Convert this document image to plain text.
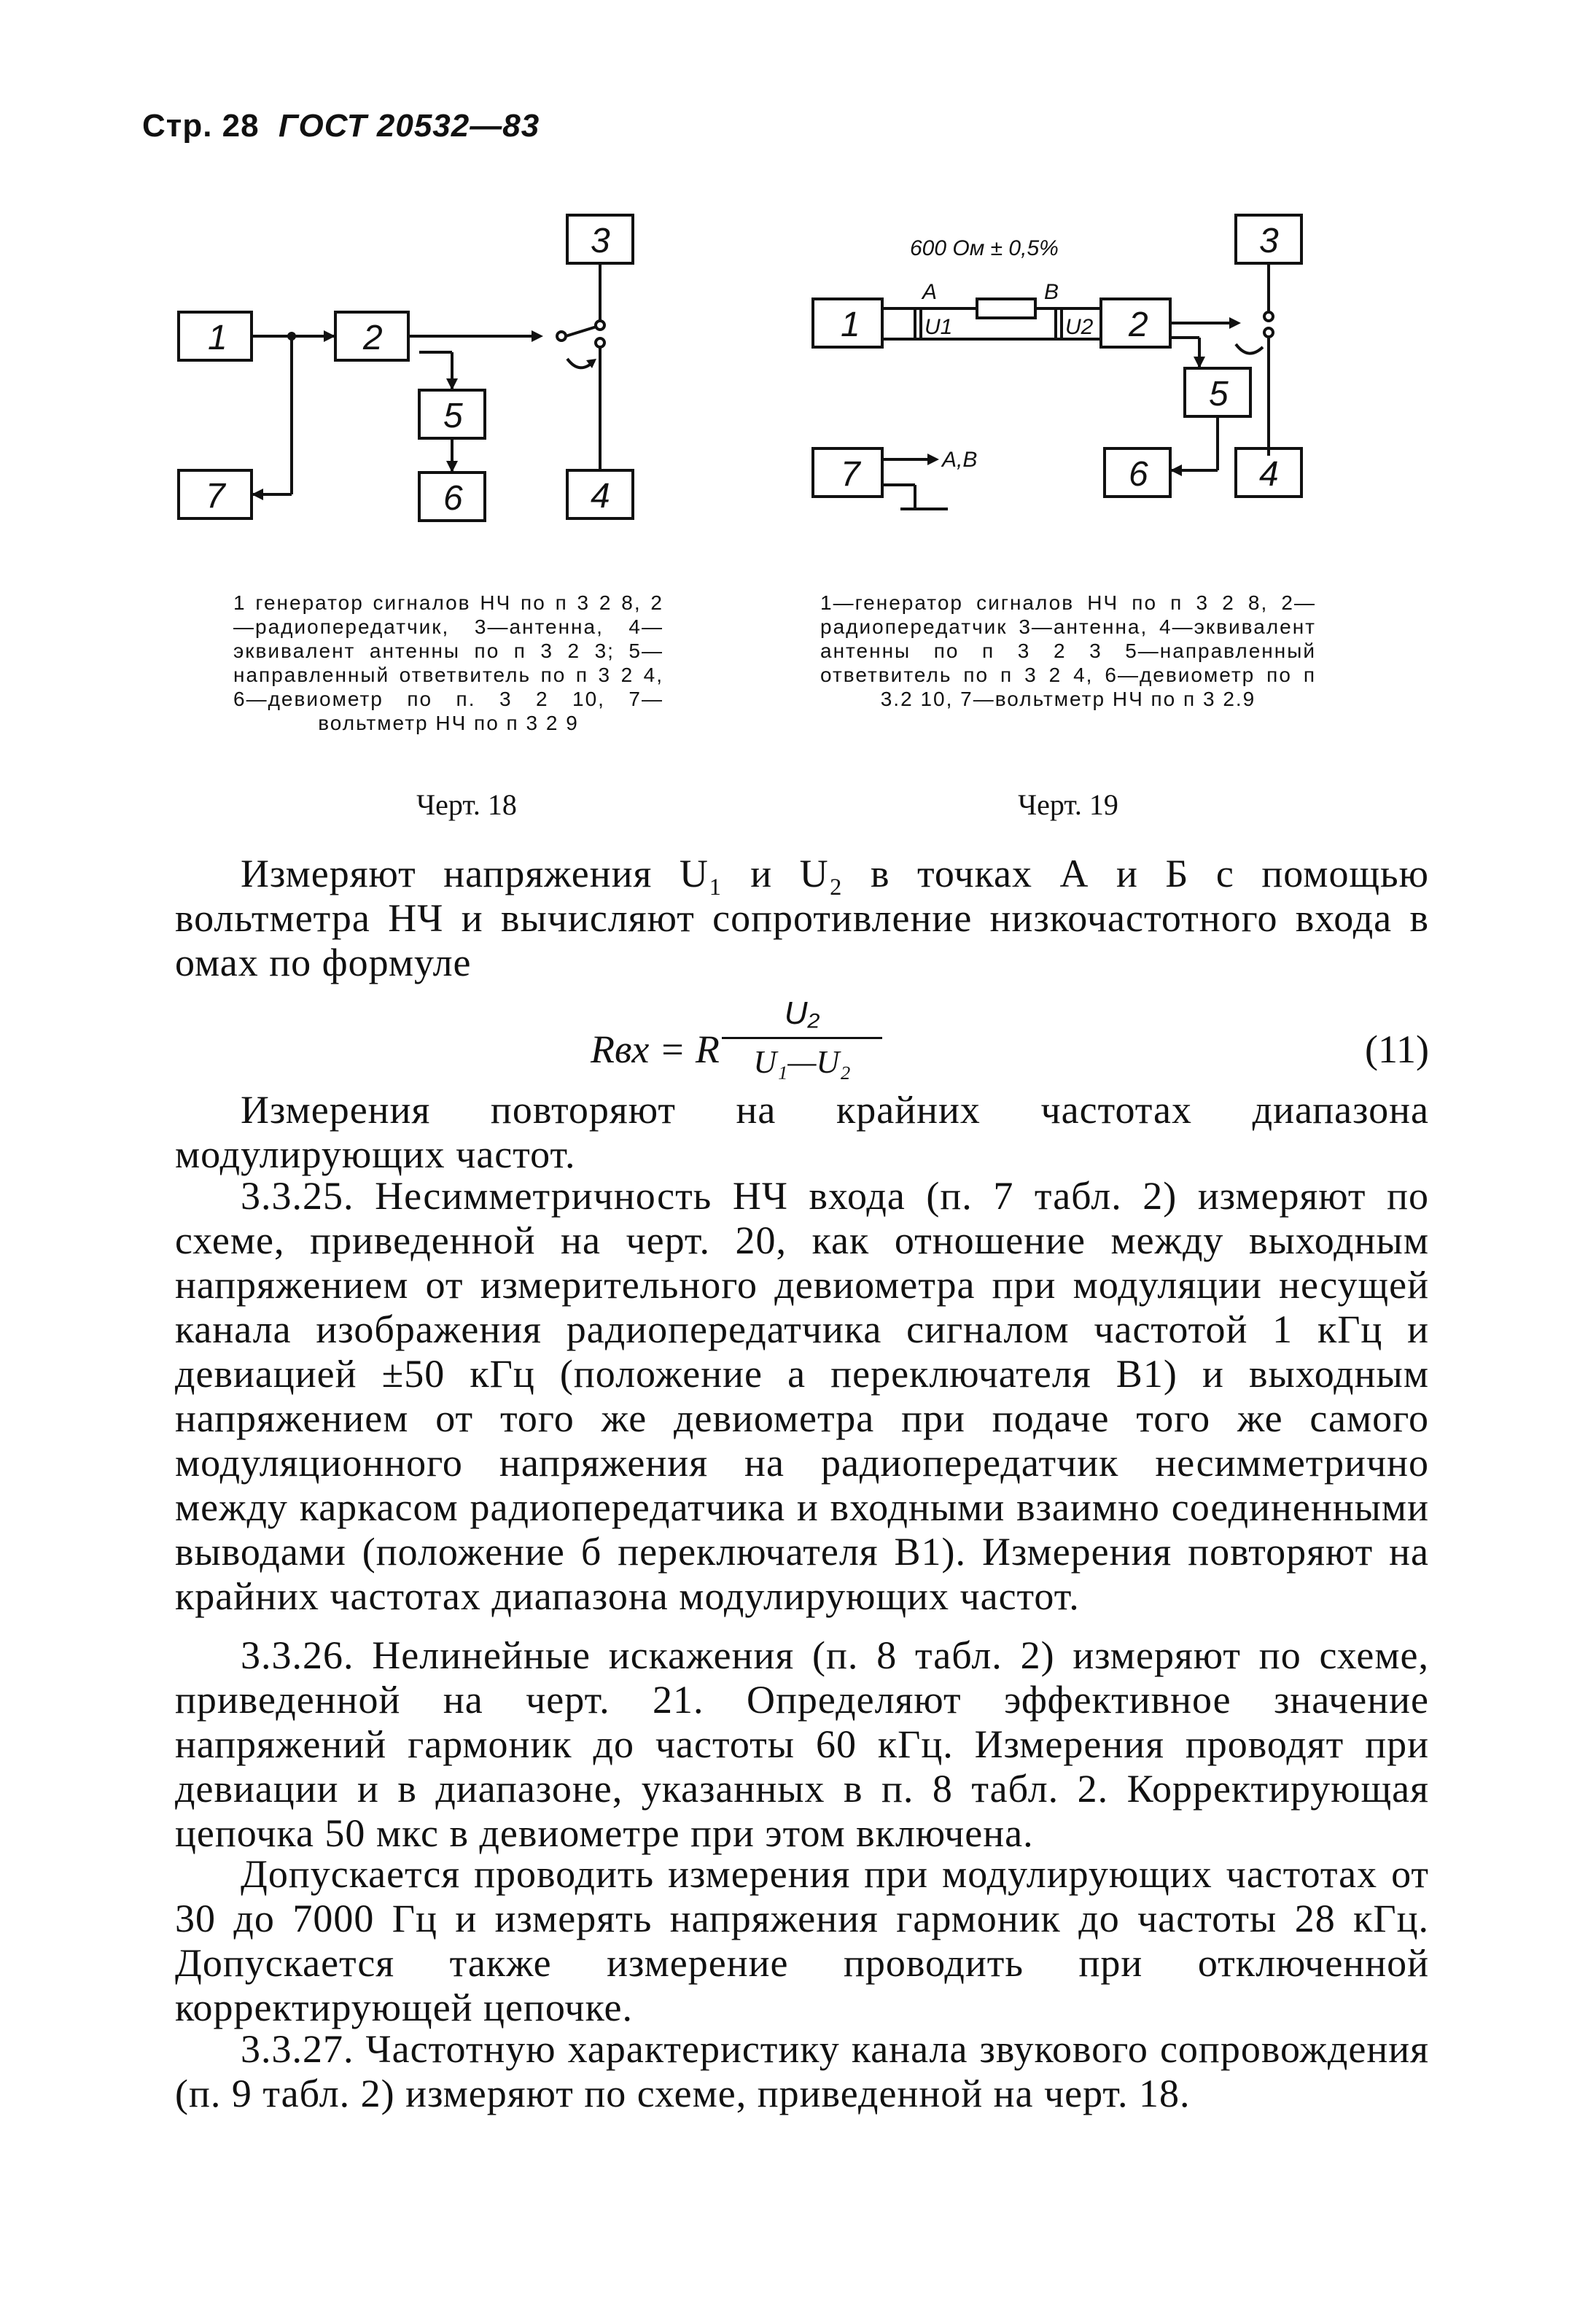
Стр. 28 ГОСТ 20532—83
3
1	2
5
6
7	4
1 генератор сигналов НЧ по п 3 2 8, 2—радиопередатчик, 3—антенна, 4—эквивалент антенны по п 3 2 3; 5—направленный ответвитель по п 3 2 4, 6—девиометр по п. 3 2 10, 7—вольтметр НЧ по п 3 2 9
Черт. 18
600 Ом ± 0,5%
A	B
3
1	U1	U2 2
5
6	4
7	A,B
1—генератор сигналов НЧ по п 3 2 8, 2—радиопередатчик 3—антенна, 4—эквивалент антенны по п 3 2 3 5—направленный ответвитель по п 3 2 4, 6—девиометр по п 3.2 10, 7—вольтметр НЧ по п 3 2.9
Черт. 19

Измеряют напряжения U₁ и U₂ в точках А и Б с помощью вольтметра НЧ и вычисляют сопротивление низкочастотного входа в омах по формуле

Rвх = R
U₂
U₁—U₂	(11)

Измерения повторяют на крайних частотах диапазона модулирующих частот.

3.3.25. Несимметричность НЧ входа (п. 7 табл. 2) измеряют по схеме, приведенной на черт. 20, как отношение между выходным напряжением от измерительного девиометра при модуляции несущей канала изображения радиопередатчика сигналом частотой 1 кГц и девиацией ±50 кГц (положение а переключателя В1) и выходным напряжением от того же девиометра при подаче того же самого модуляционного напряжения на радиопередатчик несимметрично между каркасом радиопередатчика и входными взаимно соединенными выводами (положение б переключателя В1). Измерения повторяют на крайних частотах диапазона модулирующих частот.

3.3.26. Нелинейные искажения (п. 8 табл. 2) измеряют по схеме, приведенной на черт. 21. Определяют эффективное значение напряжений гармоник до частоты 60 кГц. Измерения проводят при девиации и в диапазоне, указанных в п. 8 табл. 2. Корректирующая цепочка 50 мкс в девиометре при этом включена.

Допускается проводить измерения при модулирующих частотах от 30 до 7000 Гц и измерять напряжения гармоник до частоты 28 кГц. Допускается также измерение проводить при отключенной корректирующей цепочке.

3.3.27. Частотную характеристику канала звукового сопровождения (п. 9 табл. 2) измеряют по схеме, приведенной на черт. 18.
